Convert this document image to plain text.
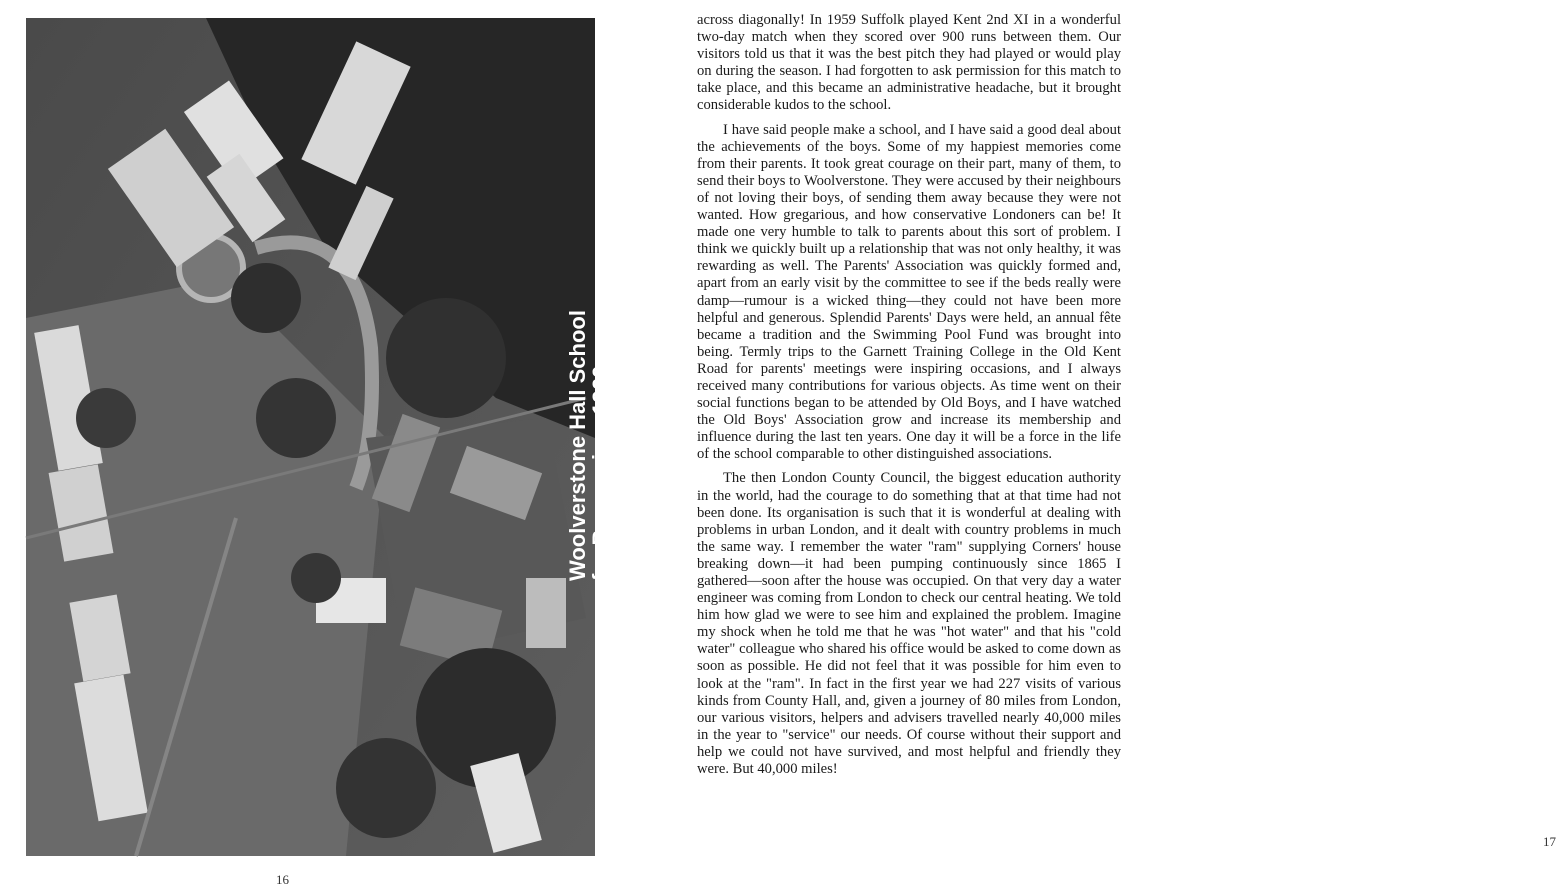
Woolverstone Hall School
for Boys - circa 1960
16

across diagonally! In 1959 Suffolk played Kent 2nd XI in a wonderful two-day match when they scored over 900 runs between them. Our visitors told us that it was the best pitch they had played or would play on during the season. I had forgotten to ask permission for this match to take place, and this became an administrative headache, but it brought considerable kudos to the school.

I have said people make a school, and I have said a good deal about the achievements of the boys. Some of my happiest memories come from their parents. It took great courage on their part, many of them, to send their boys to Woolverstone. They were accused by their neighbours of not loving their boys, of sending them away because they were not wanted. How gregarious, and how conservative Londoners can be! It made one very humble to talk to parents about this sort of problem. I think we quickly built up a relationship that was not only healthy, it was rewarding as well. The Parents' Association was quickly formed and, apart from an early visit by the committee to see if the beds really were damp—rumour is a wicked thing—they could not have been more helpful and generous. Splendid Parents' Days were held, an annual fête became a tradition and the Swimming Pool Fund was brought into being. Termly trips to the Garnett Training College in the Old Kent Road for parents' meetings were inspiring occasions, and I always received many contributions for various objects. As time went on their social functions began to be attended by Old Boys, and I have watched the Old Boys' Association grow and increase its membership and influence during the last ten years. One day it will be a force in the life of the school comparable to other distinguished associations.

The then London County Council, the biggest education authority in the world, had the courage to do something that at that time had not been done. Its organisation is such that it is wonderful at dealing with problems in urban London, and it dealt with country problems in much the same way. I remember the water "ram" supplying Corners' house breaking down—it had been pumping continuously since 1865 I gathered—soon after the house was occupied. On that very day a water engineer was coming from London to check our central heating. We told him how glad we were to see him and explained the problem. Imagine my shock when he told me that he was "hot water" and that his "cold water" colleague who shared his office would be asked to come down as soon as possible. He did not feel that it was possible for him even to look at the "ram". In fact in the first year we had 227 visits of various kinds from County Hall, and, given a journey of 80 miles from London, our various visitors, helpers and advisers travelled nearly 40,000 miles in the year to "service" our needs. Of course without their support and help we could not have survived, and most helpful and friendly they were. But 40,000 miles!

17
